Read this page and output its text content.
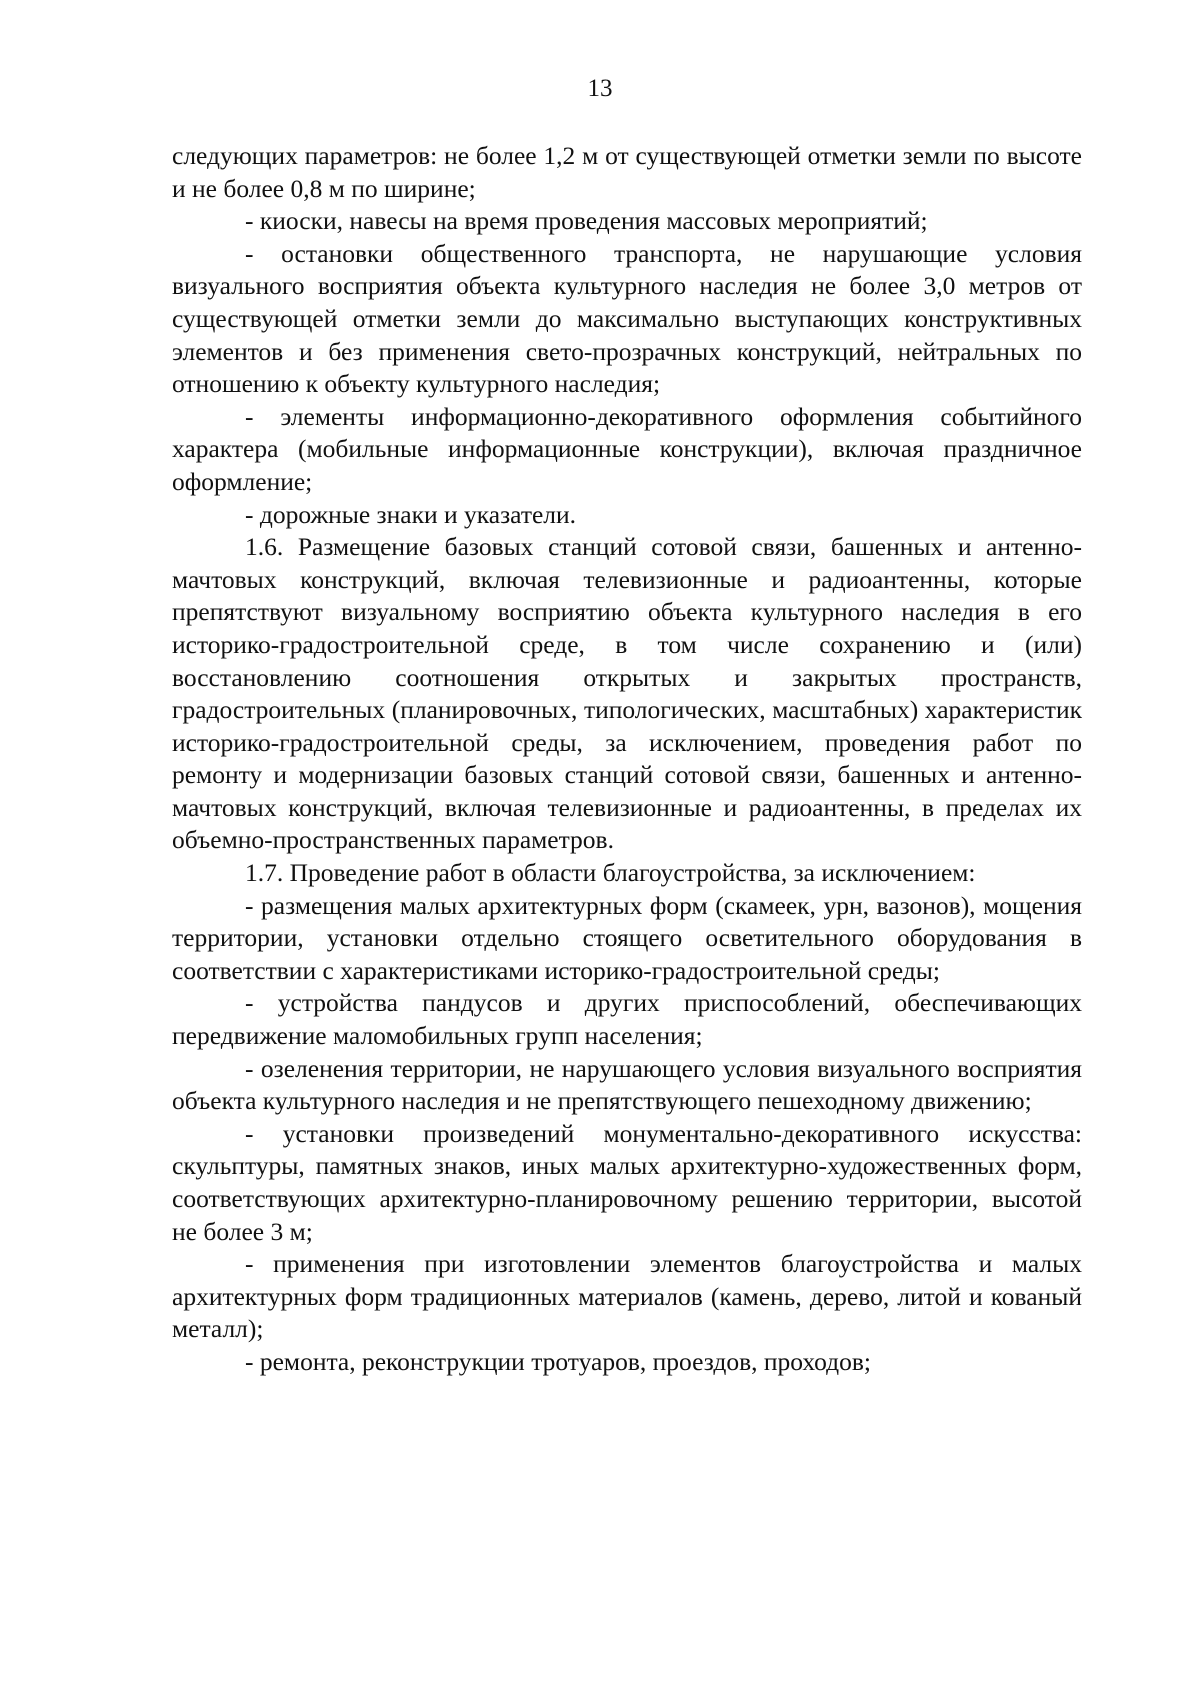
13

следующих параметров: не более 1,2 м от существующей отметки земли по высоте и не более 0,8 м по ширине;

- киоски, навесы на время проведения массовых мероприятий;

- остановки общественного транспорта, не нарушающие условия визуального восприятия объекта культурного наследия не более 3,0 метров от существующей отметки земли до максимально выступающих конструктивных элементов и без применения свето-прозрачных конструкций, нейтральных по отношению к объекту культурного наследия;

- элементы информационно-декоративного оформления событийного характера (мобильные информационные конструкции), включая праздничное оформление;

- дорожные знаки и указатели.

1.6. Размещение базовых станций сотовой связи, башенных и антенно-мачтовых конструкций, включая телевизионные и радиоантенны, которые препятствуют визуальному восприятию объекта культурного наследия в его историко-градостроительной среде, в том числе сохранению и (или) восстановлению соотношения открытых и закрытых пространств, градостроительных (планировочных, типологических, масштабных) характеристик историко-градостроительной среды, за исключением, проведения работ по ремонту и модернизации базовых станций сотовой связи, башенных и антенно-мачтовых конструкций, включая телевизионные и радиоантенны, в пределах их объемно-пространственных параметров.

1.7. Проведение работ в области благоустройства, за исключением:

- размещения малых архитектурных форм (скамеек, урн, вазонов), мощения территории, установки отдельно стоящего осветительного оборудования в соответствии с характеристиками историко-градостроительной среды;

- устройства пандусов и других приспособлений, обеспечивающих передвижение маломобильных групп населения;

- озеленения территории, не нарушающего условия визуального восприятия объекта культурного наследия и не препятствующего пешеходному движению;

- установки произведений монументально-декоративного искусства: скульптуры, памятных знаков, иных малых архитектурно-художественных форм, соответствующих архитектурно-планировочному решению территории, высотой не более 3 м;

- применения при изготовлении элементов благоустройства и малых архитектурных форм традиционных материалов (камень, дерево, литой и кованый металл);

- ремонта, реконструкции тротуаров, проездов, проходов;
